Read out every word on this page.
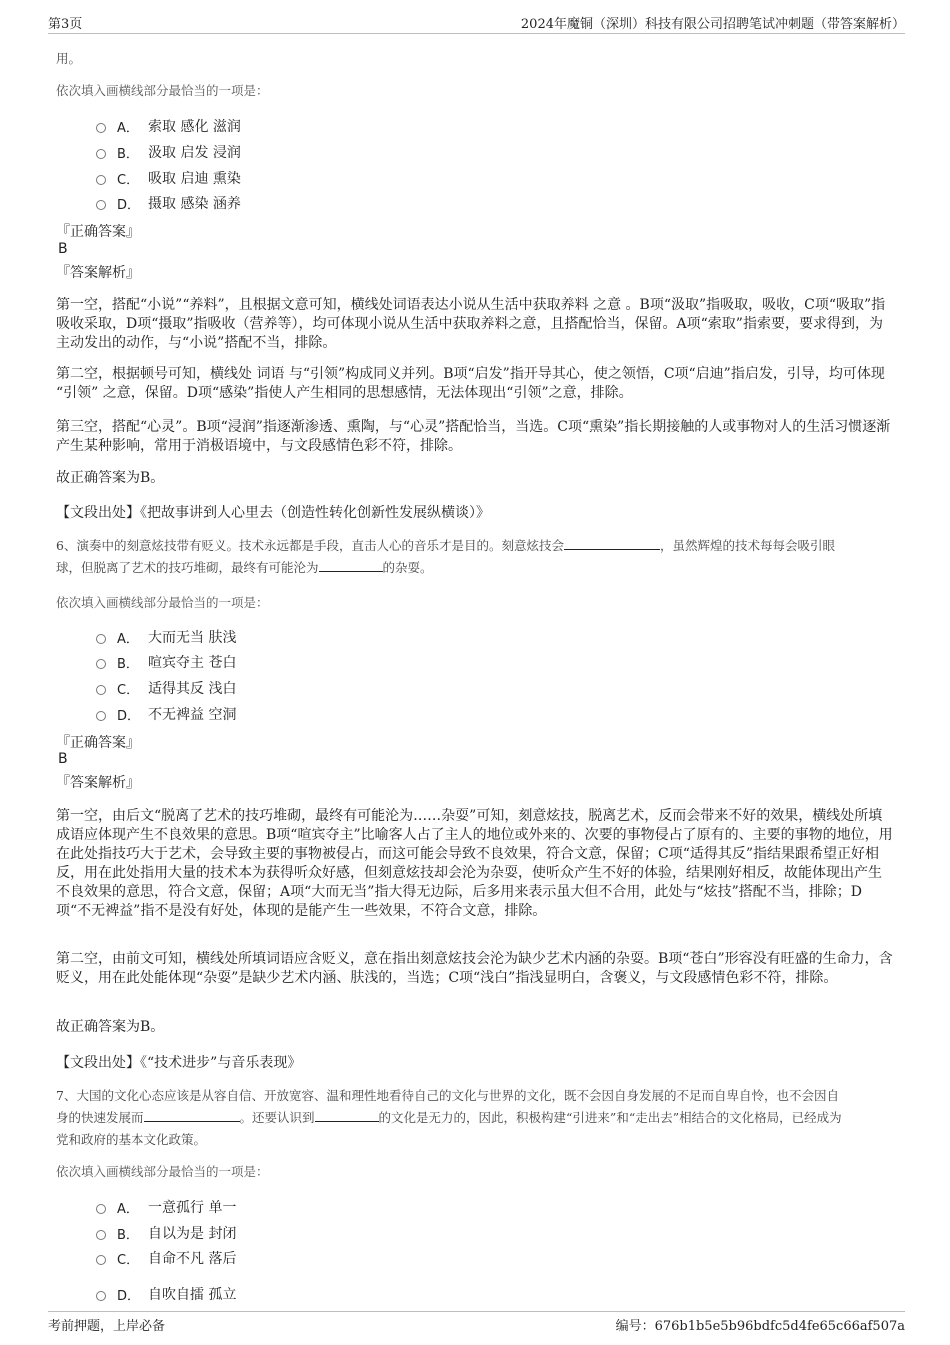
第3页	2024年魔铜（深圳）科技有限公司招聘笔试冲刺题（带答案解析）
用。
依次填入画横线部分最恰当的一项是：
A． 索取 感化 滋润
B． 汲取 启发 浸润
C． 吸取 启迪 熏染
D． 摄取 感染 涵养
『正确答案』
B
『答案解析』
第一空，搭配“小说”“养料”，且根据文意可知，横线处词语表达小说从生活中获取养料 之意 。B项“汲取”指吸取，吸收，C项“吸取”指吸收采取，D项“摄取”指吸收（营养等），均可体现小说从生活中获取养料之意，且搭配恰当，保留。A项“索取”指索要，要求得到，为主动发出的动作，与“小说”搭配不当，排除。
第二空，根据顿号可知，横线处 词语 与“引领”构成同义并列。B项“启发”指开导其心，使之领悟，C项“启迪”指启发，引导，均可体现 “引领” 之意，保留。D项“感染”指使人产生相同的思想感情，无法体现出“引领”之意，排除。
第三空，搭配“心灵”。B项“浸润”指逐渐渗透、熏陶，与“心灵”搭配恰当，当选。C项“熏染”指长期接触的人或事物对人的生活习惯逐渐产生某种影响，常用于消极语境中，与文段感情色彩不符，排除。
故正确答案为B。
【文段出处】《把故事讲到人心里去（创造性转化创新性发展纵横谈）》
6、演奏中的刻意炫技带有贬义。技术永远都是手段，直击人心的音乐才是目的。刻意炫技会	，虽然辉煌的技术每每会吸引眼
球，但脱离了艺术的技巧堆砌，最终有可能沦为	的杂耍。
依次填入画横线部分最恰当的一项是：
A． 大而无当 肤浅
B． 喧宾夺主 苍白
C． 适得其反 浅白
D． 不无裨益 空洞
『正确答案』
B
『答案解析』
第一空，由后文“脱离了艺术的技巧堆砌，最终有可能沦为……杂耍”可知，刻意炫技，脱离艺术，反而会带来不好的效果，横线处所填成语应体现产生不良效果的意思。B项“喧宾夺主”比喻客人占了主人的地位或外来的、次要的事物侵占了原有的、主要的事物的地位，用在此处指技巧大于艺术，会导致主要的事物被侵占，而这可能会导致不良效果，符合文意，保留；C项“适得其反”指结果跟希望正好相反，用在此处指用大量的技术本为获得听众好感，但刻意炫技却会沦为杂耍，使听众产生不好的体验，结果刚好相反，故能体现出产生不良效果的意思，符合文意，保留；A项“大而无当”指大得无边际，后多用来表示虽大但不合用，此处与“炫技”搭配不当，排除；D项“不无裨益”指不是没有好处，体现的是能产生一些效果，不符合文意，排除。
第二空，由前文可知，横线处所填词语应含贬义，意在指出刻意炫技会沦为缺少艺术内涵的杂耍。B项“苍白”形容没有旺盛的生命力，含贬义，用在此处能体现“杂耍”是缺少艺术内涵、肤浅的，当选；C项“浅白”指浅显明白，含褒义，与文段感情色彩不符，排除。
故正确答案为B。
【文段出处】《“技术进步”与音乐表现》
7、大国的文化心态应该是从容自信、开放宽容、温和理性地看待自己的文化与世界的文化，既不会因自身发展的不足而自卑自怜，也不会因自
身的快速发展而	。还要认识到	的文化是无力的，因此，积极构建“引进来”和“走出去”相结合的文化格局，已经成为
党和政府的基本文化政策。
依次填入画横线部分最恰当的一项是：
A． 一意孤行 单一
B． 自以为是 封闭
C． 自命不凡 落后
D． 自吹自擂 孤立
考前押题，上岸必备	编号：676b1b5e5b96bdfc5d4fe65c66af507a
